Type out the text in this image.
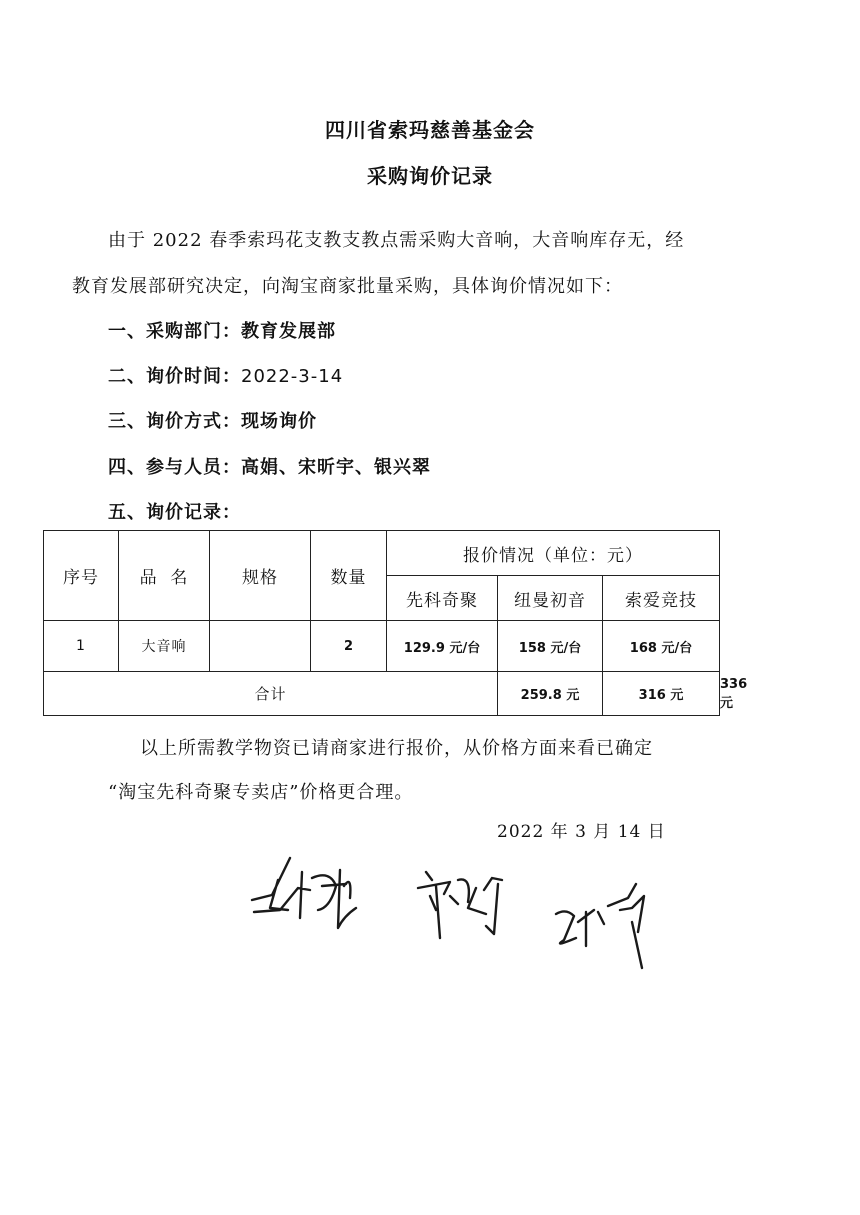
四川省索玛慈善基金会
采购询价记录
由于 2022 春季索玛花支教支教点需采购大音响，大音响库存无，经
教育发展部研究决定，向淘宝商家批量采购，具体询价情况如下：
一、采购部门：教育发展部
二、询价时间：2022-3-14
三、询价方式：现场询价
四、参与人员：高娟、宋昕宇、银兴翠
五、询价记录：
序号	品  名	规格	数量	报价情况（单位：元）			
				先科奇聚	纽曼初音	索爱竞技	
1	大音响		2	129.9 元/台	158 元/台	168 元/台	
合计					259.8 元	316 元	336 元
以上所需教学物资已请商家进行报价，从价格方面来看已确定
“淘宝先科奇聚专卖店”价格更合理。
2022 年 3 月 14 日
